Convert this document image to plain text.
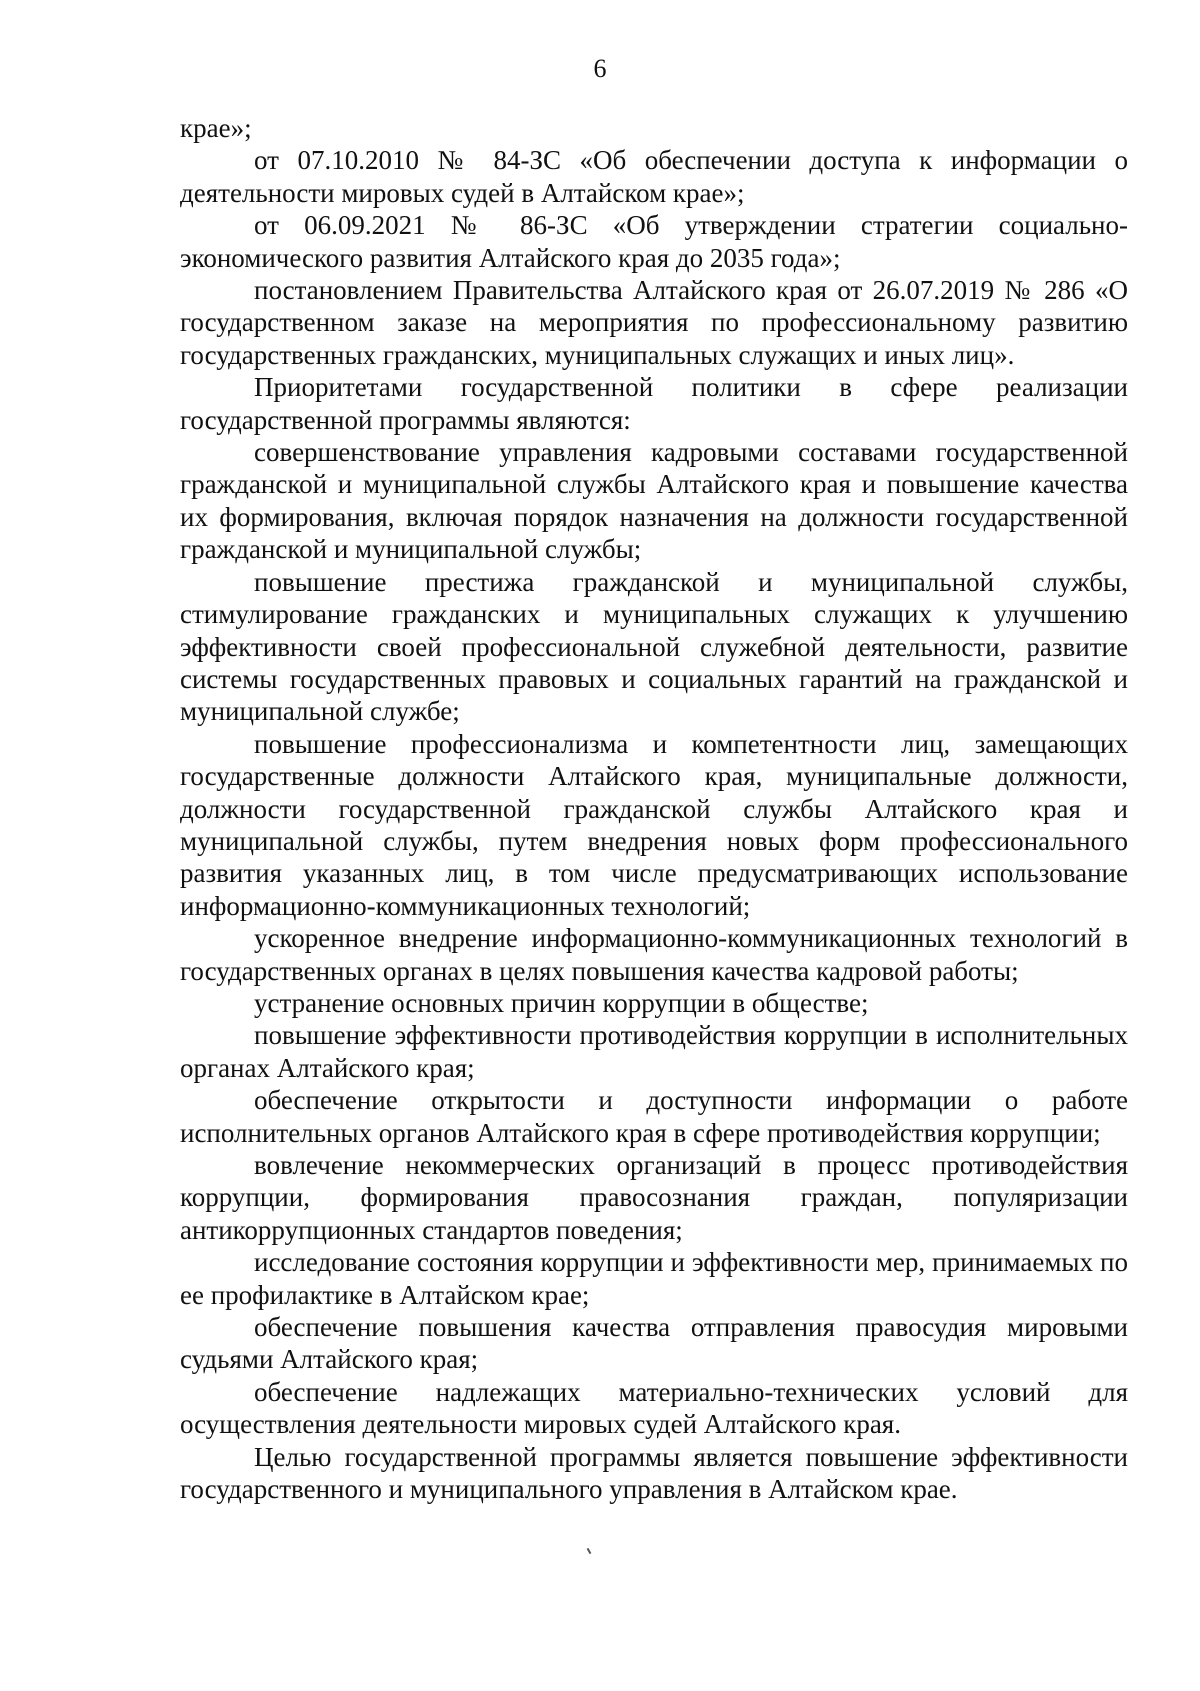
6

крае»;

от 07.10.2010 № 84-ЗС «Об обеспечении доступа к информации о деятельности мировых судей в Алтайском крае»;

от 06.09.2021 № 86-ЗС «Об утверждении стратегии социально-экономического развития Алтайского края до 2035 года»;

постановлением Правительства Алтайского края от 26.07.2019 № 286 «О государственном заказе на мероприятия по профессиональному развитию государственных гражданских, муниципальных служащих и иных лиц».

Приоритетами государственной политики в сфере реализации государственной программы являются:

совершенствование управления кадровыми составами государственной гражданской и муниципальной службы Алтайского края и повышение качества их формирования, включая порядок назначения на должности государственной гражданской и муниципальной службы;

повышение престижа гражданской и муниципальной службы, стимулирование гражданских и муниципальных служащих к улучшению эффективности своей профессиональной служебной деятельности, развитие системы государственных правовых и социальных гарантий на гражданской и муниципальной службе;

повышение профессионализма и компетентности лиц, замещающих государственные должности Алтайского края, муниципальные должности, должности государственной гражданской службы Алтайского края и муниципальной службы, путем внедрения новых форм профессионального развития указанных лиц, в том числе предусматривающих использование информационно-коммуникационных технологий;

ускоренное внедрение информационно-коммуникационных технологий в государственных органах в целях повышения качества кадровой работы;

устранение основных причин коррупции в обществе;

повышение эффективности противодействия коррупции в исполнительных органах Алтайского края;

обеспечение открытости и доступности информации о работе исполнительных органов Алтайского края в сфере противодействия коррупции;

вовлечение некоммерческих организаций в процесс противодействия коррупции, формирования правосознания граждан, популяризации антикоррупционных стандартов поведения;

исследование состояния коррупции и эффективности мер, принимаемых по ее профилактике в Алтайском крае;

обеспечение повышения качества отправления правосудия мировыми судьями Алтайского края;

обеспечение надлежащих материально-технических условий для осуществления деятельности мировых судей Алтайского края.

Целью государственной программы является повышение эффективности государственного и муниципального управления в Алтайском крае.
